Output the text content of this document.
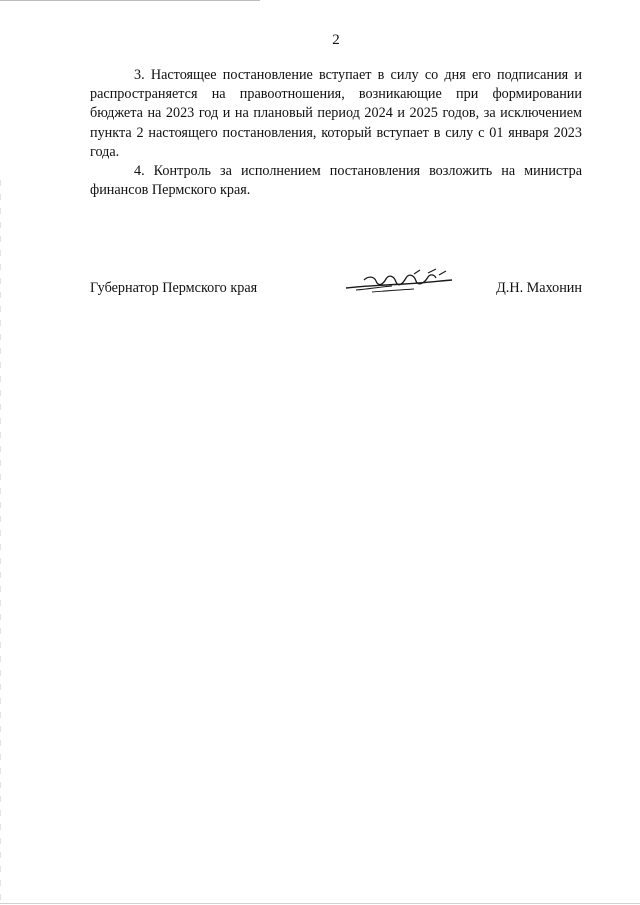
2

3. Настоящее постановление вступает в силу со дня его подписания и распространяется на правоотношения, возникающие при формировании бюджета на 2023 год и на плановый период 2024 и 2025 годов, за исключением пункта 2 настоящего постановления, который вступает в силу с 01 января 2023 года.

4. Контроль за исполнением постановления возложить на министра финансов Пермского края.

Губернатор Пермского края	Д.Н. Махонин
